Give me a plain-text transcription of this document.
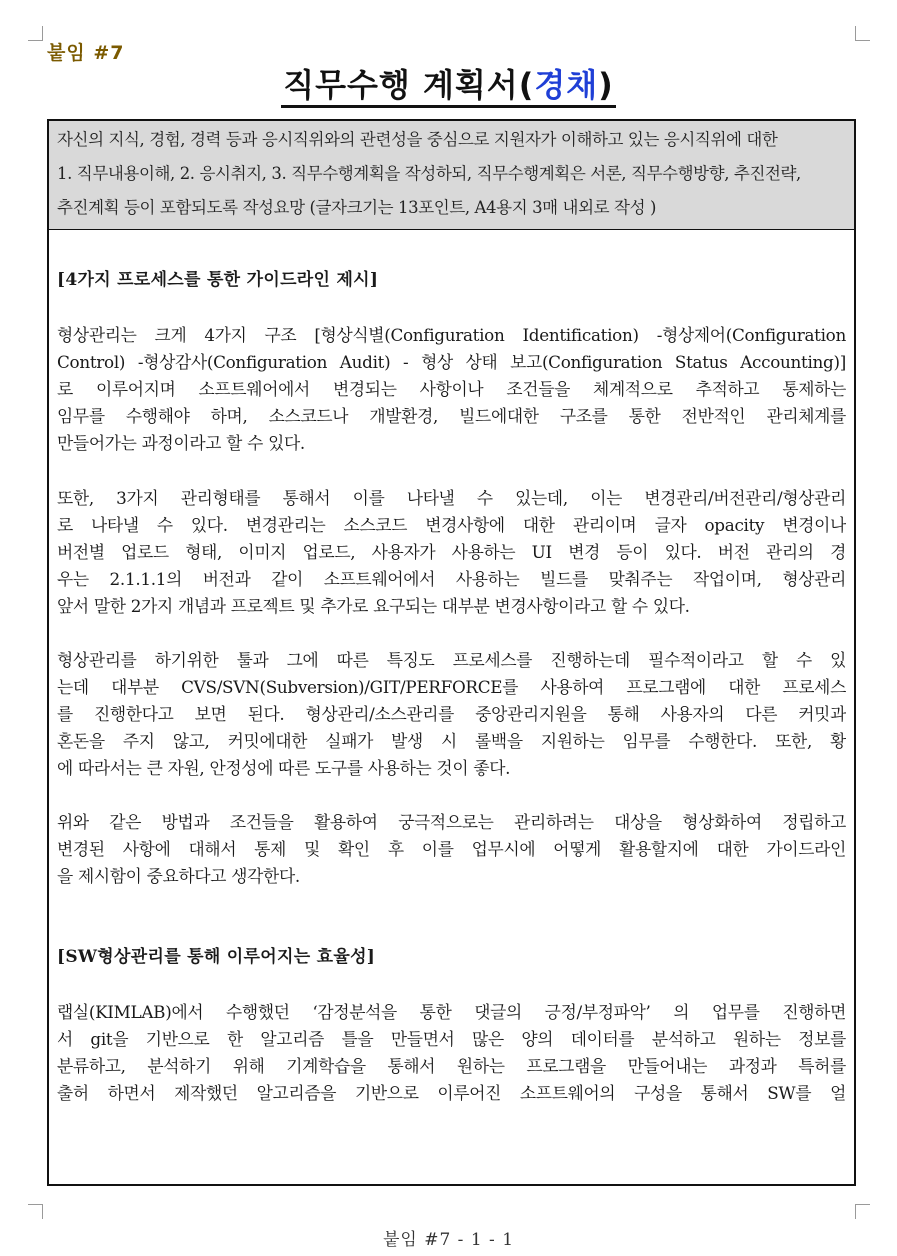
붙임 #7
직무수행 계획서(경채)
자신의 지식, 경험, 경력 등과 응시직위와의 관련성을 중심으로 지원자가 이해하고 있는 응시직위에 대한
1. 직무내용이해, 2. 응시취지, 3. 직무수행계획을 작성하되, 직무수행계획은 서론, 직무수행방향, 추진전략,
추진계획 등이 포함되도록 작성요망 (글자크기는 13포인트, A4용지 3매 내외로 작성 )
[4가지 프로세스를 통한 가이드라인 제시]
형상관리는 크게 4가지 구조 [형상식별(Configuration Identification) -형상제어(Configuration
Control) -형상감사(Configuration Audit) - 형상 상태 보고(Configuration Status Accounting)]
로 이루어지며 소프트웨어에서 변경되는 사항이나 조건들을 체계적으로 추적하고 통제하는
임무를 수행해야 하며, 소스코드나 개발환경, 빌드에대한 구조를 통한 전반적인 관리체계를
만들어가는 과정이라고 할 수 있다.
또한, 3가지 관리형태를 통해서 이를 나타낼 수 있는데, 이는 변경관리/버전관리/형상관리
로 나타낼 수 있다. 변경관리는 소스코드 변경사항에 대한 관리이며 글자 opacity 변경이나
버전별 업로드 형태, 이미지 업로드, 사용자가 사용하는 UI 변경 등이 있다. 버전 관리의 경
우는 2.1.1.1의 버전과 같이 소프트웨어에서 사용하는 빌드를 맞춰주는 작업이며, 형상관리
앞서 말한 2가지 개념과 프로젝트 및 추가로 요구되는 대부분 변경사항이라고 할 수 있다.
형상관리를 하기위한 툴과 그에 따른 특징도 프로세스를 진행하는데 필수적이라고 할 수 있
는데 대부분 CVS/SVN(Subversion)/GIT/PERFORCE를 사용하여 프로그램에 대한 프로세스
를 진행한다고 보면 된다. 형상관리/소스관리를 중앙관리지원을 통해 사용자의 다른 커밋과
혼돈을 주지 않고, 커밋에대한 실패가 발생 시 롤백을 지원하는 임무를 수행한다. 또한, 황
에 따라서는 큰 자원, 안정성에 따른 도구를 사용하는 것이 좋다.
위와 같은 방법과 조건들을 활용하여 궁극적으로는 관리하려는 대상을 형상화하여 정립하고
변경된 사항에 대해서 통제 및 확인 후 이를 업무시에 어떻게 활용할지에 대한 가이드라인
을 제시함이 중요하다고 생각한다.
[SW형상관리를 통해 이루어지는 효율성]
랩실(KIMLAB)에서 수행했던 ‘감정분석을 통한 댓글의 긍정/부정파악’ 의 업무를 진행하면
서 git을 기반으로 한 알고리즘 틀을 만들면서 많은 양의 데이터를 분석하고 원하는 정보를
분류하고, 분석하기 위해 기계학습을 통해서 원하는 프로그램을 만들어내는 과정과 특허를
출허 하면서 제작했던 알고리즘을 기반으로 이루어진 소프트웨어의 구성을 통해서 SW를 얼
붙임 #7 - 1 - 1
